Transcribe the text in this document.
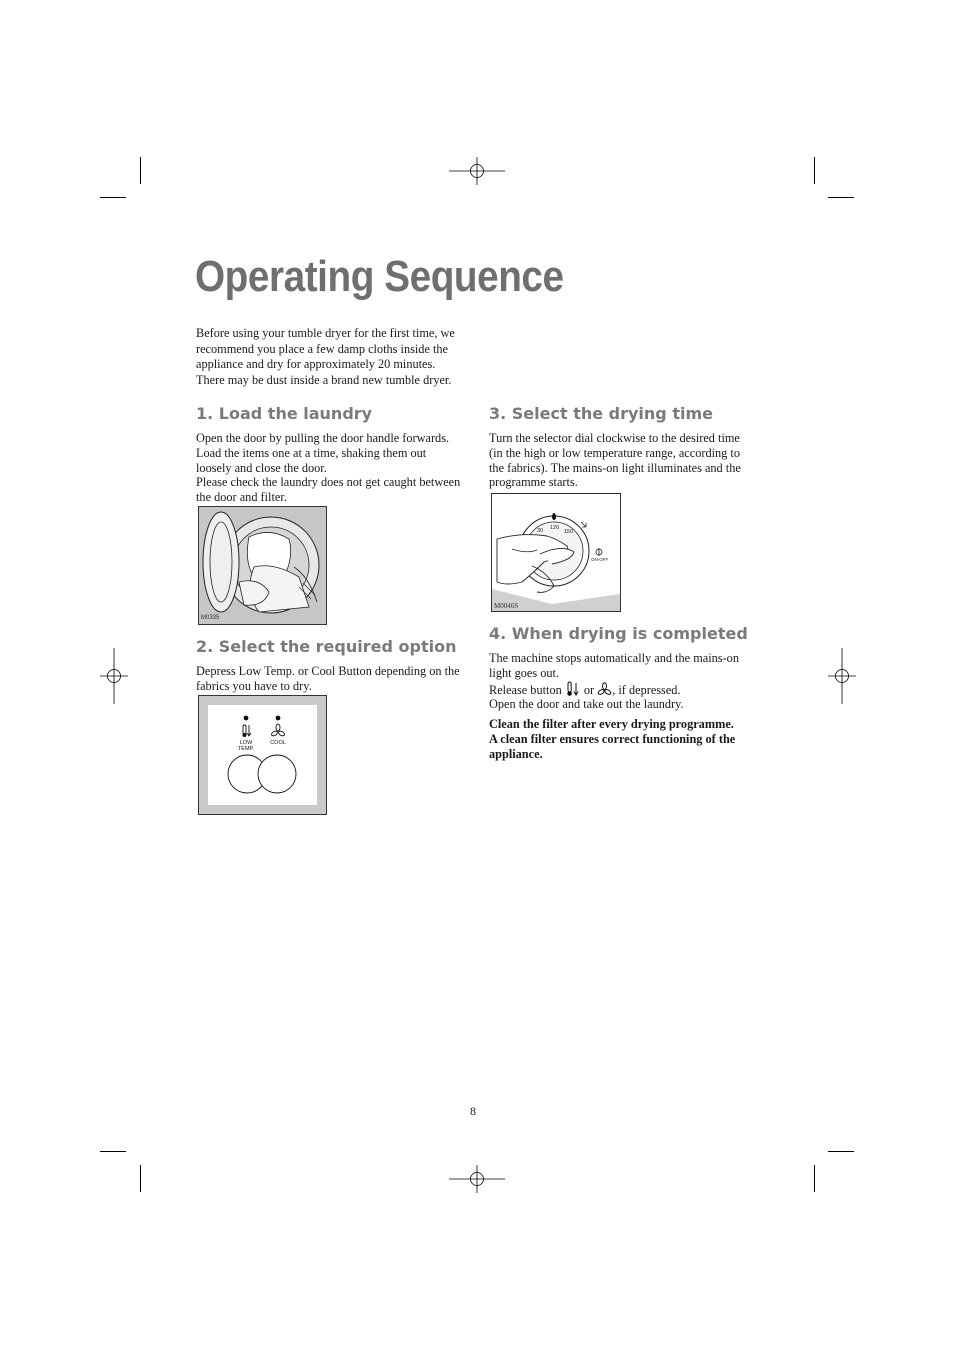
Operating Sequence
Before using your tumble dryer for the first time, we
recommend you place a few damp cloths inside the
appliance and dry for approximately 20 minutes.
There may be dust inside a brand new tumble dryer.
1. Load the laundry

Open the door by pulling the door handle forwards.

Load the items one at a time, shaking them out

loosely and close the door.

Please check the laundry does not get caught between

the door and filter.

M0335
2. Select the required option

Depress Low Temp. or Cool Button depending on the

fabrics you have to dry.

LOW
TEMP.
COOL
3. Select the drying time

Turn the selector dial clockwise to the desired time

(in the high or low temperature range, according to

the fabrics). The mains-on light illuminates and the

programme starts.

30 120
150
ON-OFF
M0046S
4. When drying is completed

The machine stops automatically and the mains-on

light goes out.

Release button or , if depressed.

Open the door and take out the laundry.

Clean the filter after every drying programme.

A clean filter ensures correct functioning of the

appliance.

8
